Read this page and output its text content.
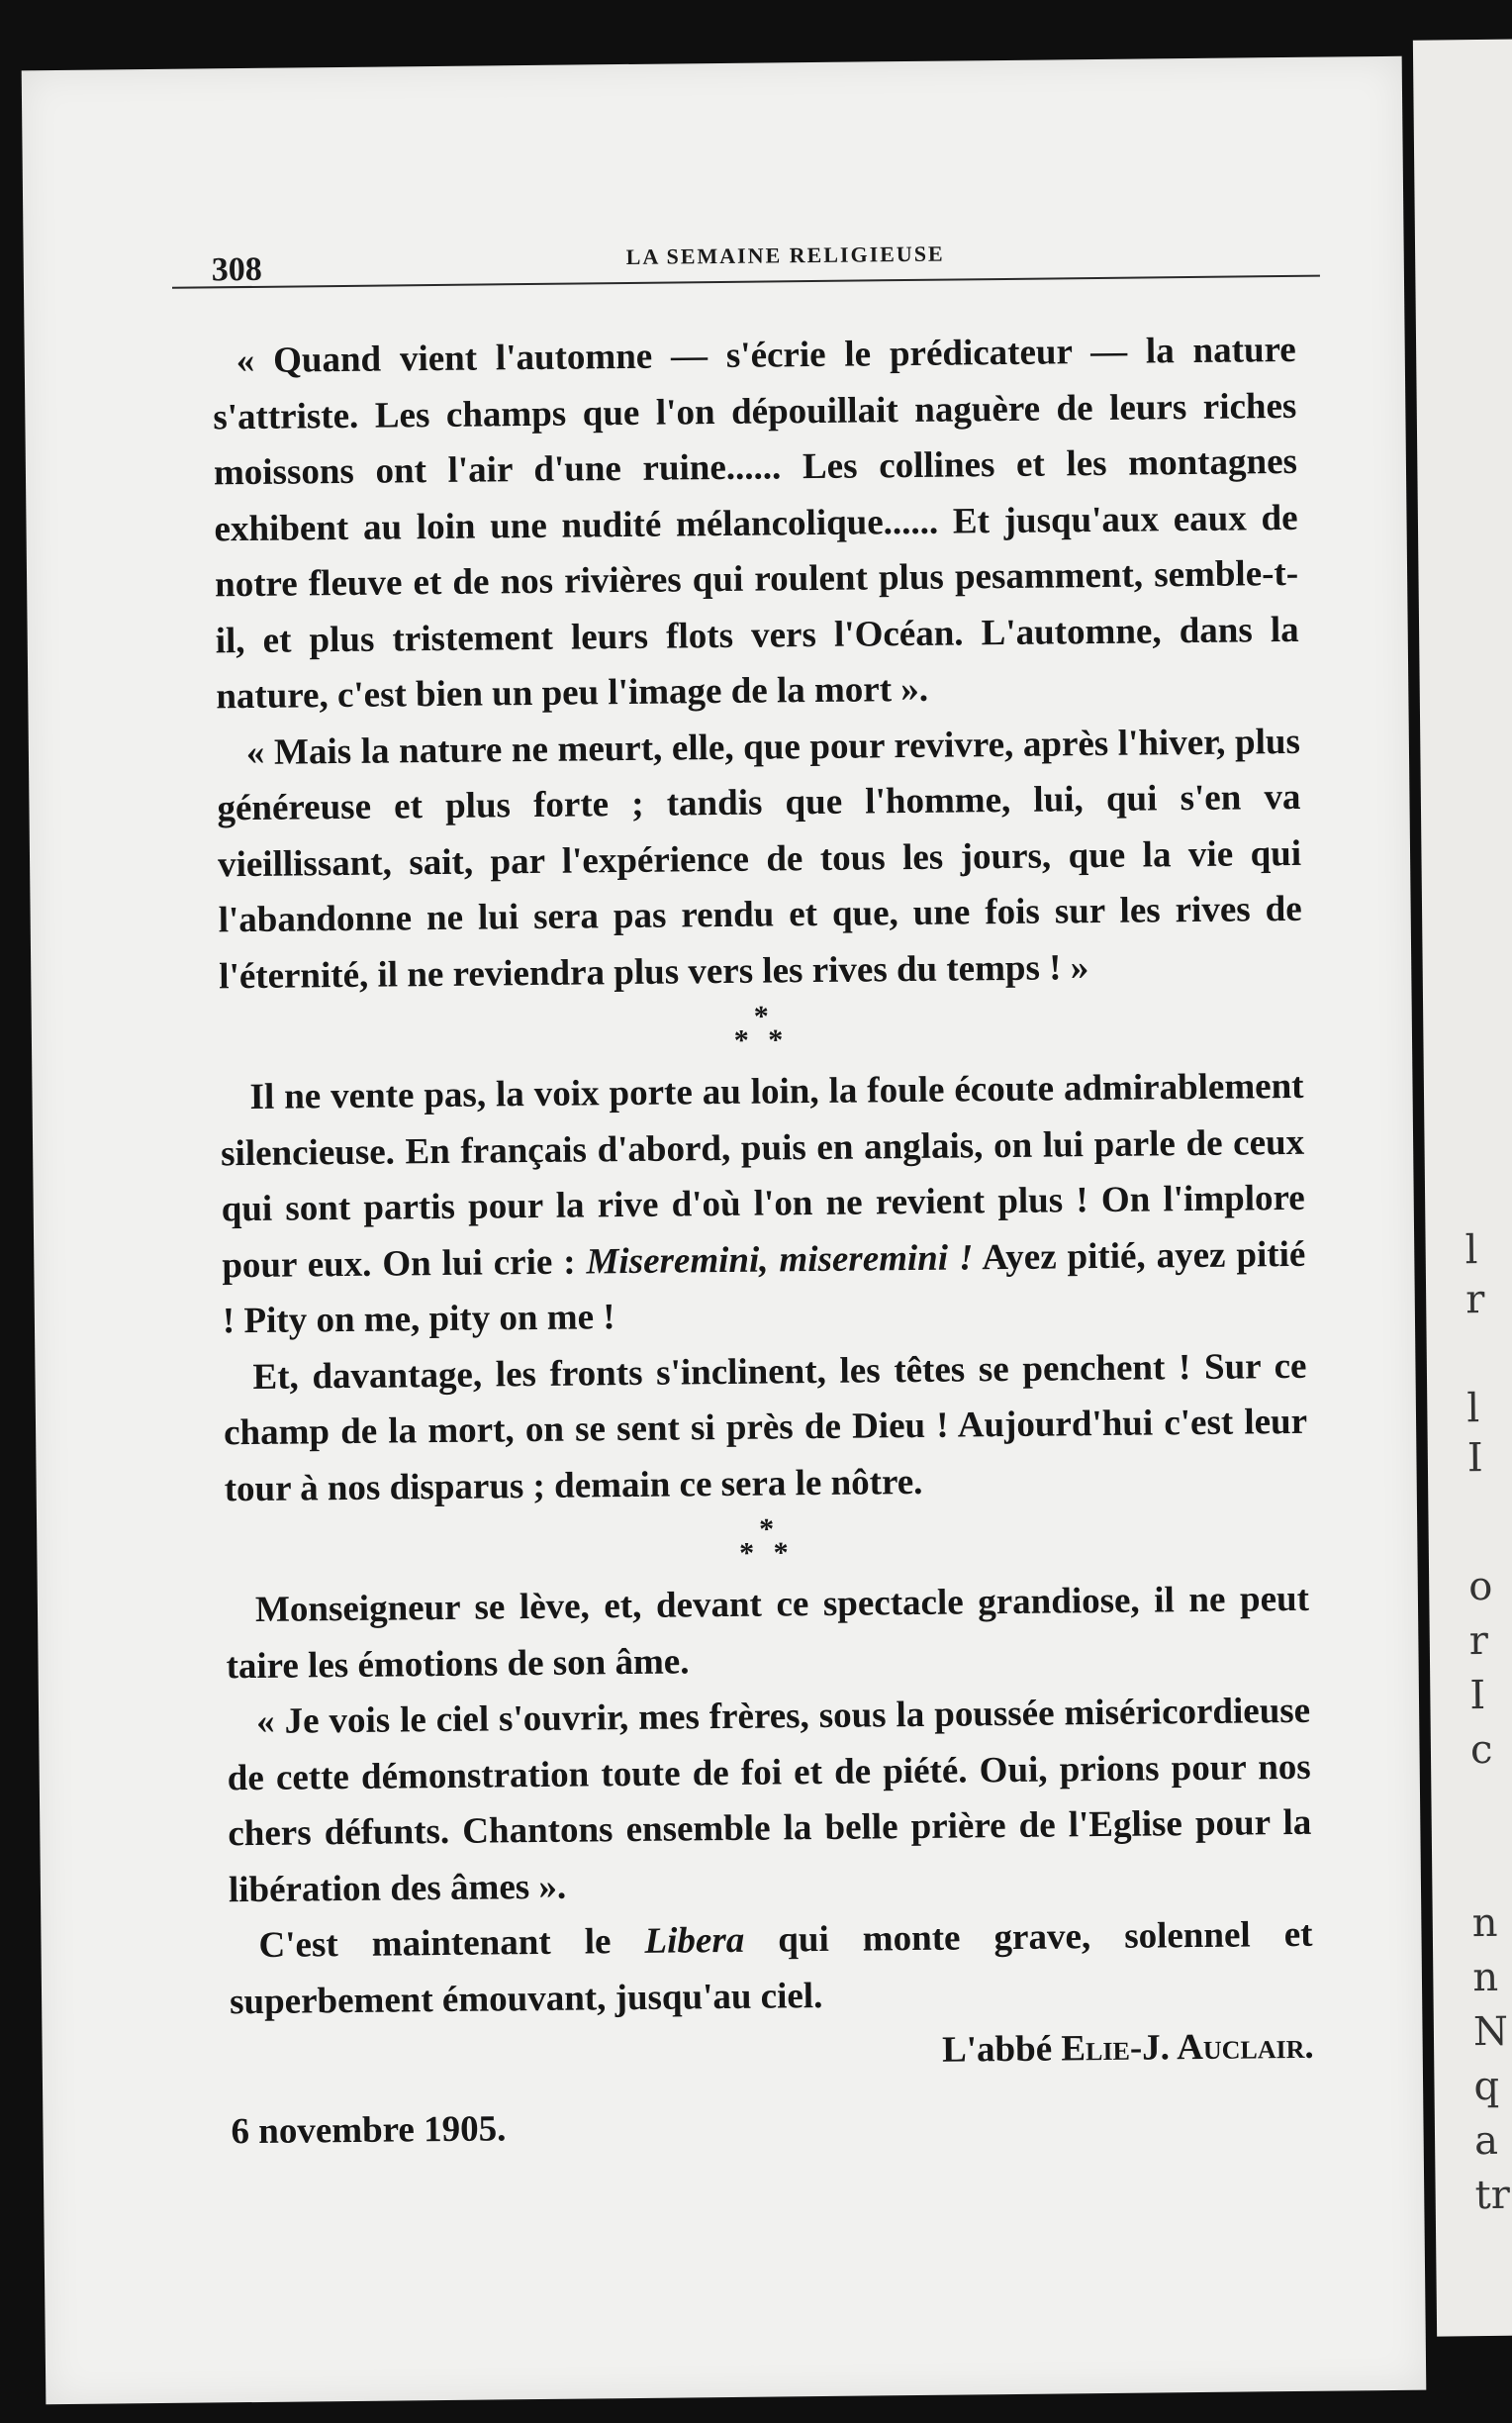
l
r
l
I
o
r
I
c
n
n
N
q
a
tr
308	LA SEMAINE RELIGIEUSE

« Quand vient l'automne — s'écrie le prédicateur — la nature s'attriste. Les champs que l'on dépouillait naguère de leurs riches moissons ont l'air d'une ruine...... Les collines et les montagnes exhibent au loin une nudité mélancolique...... Et jusqu'aux eaux de notre fleuve et de nos rivières qui roulent plus pesamment, semble-t-il, et plus tristement leurs flots vers l'Océan. L'automne, dans la nature, c'est bien un peu l'image de la mort ».

« Mais la nature ne meurt, elle, que pour revivre, après l'hiver, plus généreuse et plus forte ; tandis que l'homme, lui, qui s'en va vieillissant, sait, par l'expérience de tous les jours, que la vie qui l'abandonne ne lui sera pas rendu et que, une fois sur les rives de l'éternité, il ne reviendra plus vers les rives du temps ! »

*
* *

Il ne vente pas, la voix porte au loin, la foule écoute admirablement silencieuse. En français d'abord, puis en anglais, on lui parle de ceux qui sont partis pour la rive d'où l'on ne revient plus ! On l'implore pour eux. On lui crie : Miseremini, miseremini ! Ayez pitié, ayez pitié ! Pity on me, pity on me !

Et, davantage, les fronts s'inclinent, les têtes se penchent ! Sur ce champ de la mort, on se sent si près de Dieu ! Aujourd'hui c'est leur tour à nos disparus ; demain ce sera le nôtre.

*
* *

Monseigneur se lève, et, devant ce spectacle grandiose, il ne peut taire les émotions de son âme.

« Je vois le ciel s'ouvrir, mes frères, sous la poussée miséricordieuse de cette démonstration toute de foi et de piété. Oui, prions pour nos chers défunts. Chantons ensemble la belle prière de l'Eglise pour la libération des âmes ».

C'est maintenant le Libera qui monte grave, solennel et superbement émouvant, jusqu'au ciel.

L'abbé Elie-J. Auclair.
6 novembre 1905.
